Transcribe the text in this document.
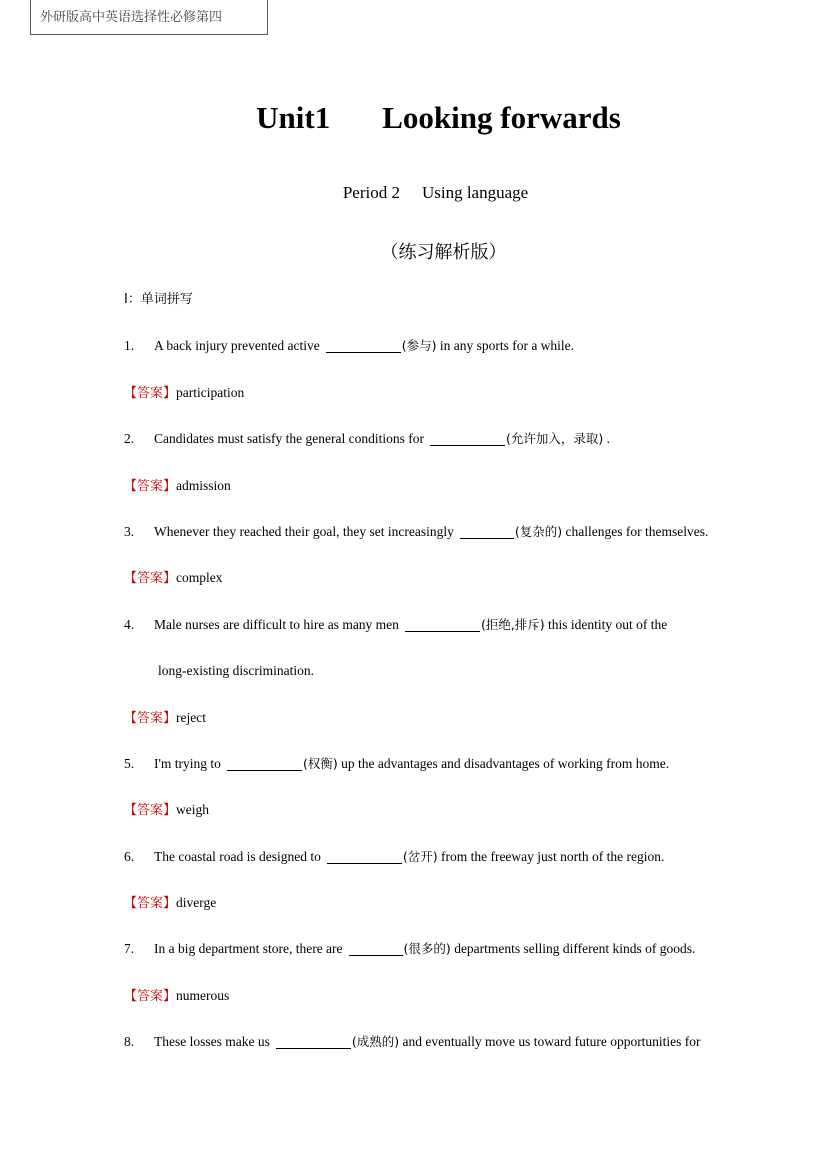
外研版高中英语选择性必修第四
Unit1 Looking forwards
Period 2 Using language
（练习解析版）
I：单词拼写
1. A back injury prevented active	(参与) in any sports for a while.
【答案】participation
2. Candidates must satisfy the general conditions for	(允许加入，录取) .
【答案】admission
3. Whenever they reached their goal, they set increasingly	(复杂的) challenges for themselves.
【答案】complex
4. Male nurses are difficult to hire as many men	(拒绝,排斥) this identity out of the
long-existing discrimination.
【答案】reject
5. I'm trying to	(权衡) up the advantages and disadvantages of working from home.
【答案】weigh
6. The coastal road is designed to	(岔开) from the freeway just north of the region.
【答案】diverge
7. In a big department store, there are	(很多的) departments selling different kinds of goods.
【答案】numerous
8. These losses make us	(成熟的) and eventually move us toward future opportunities for
